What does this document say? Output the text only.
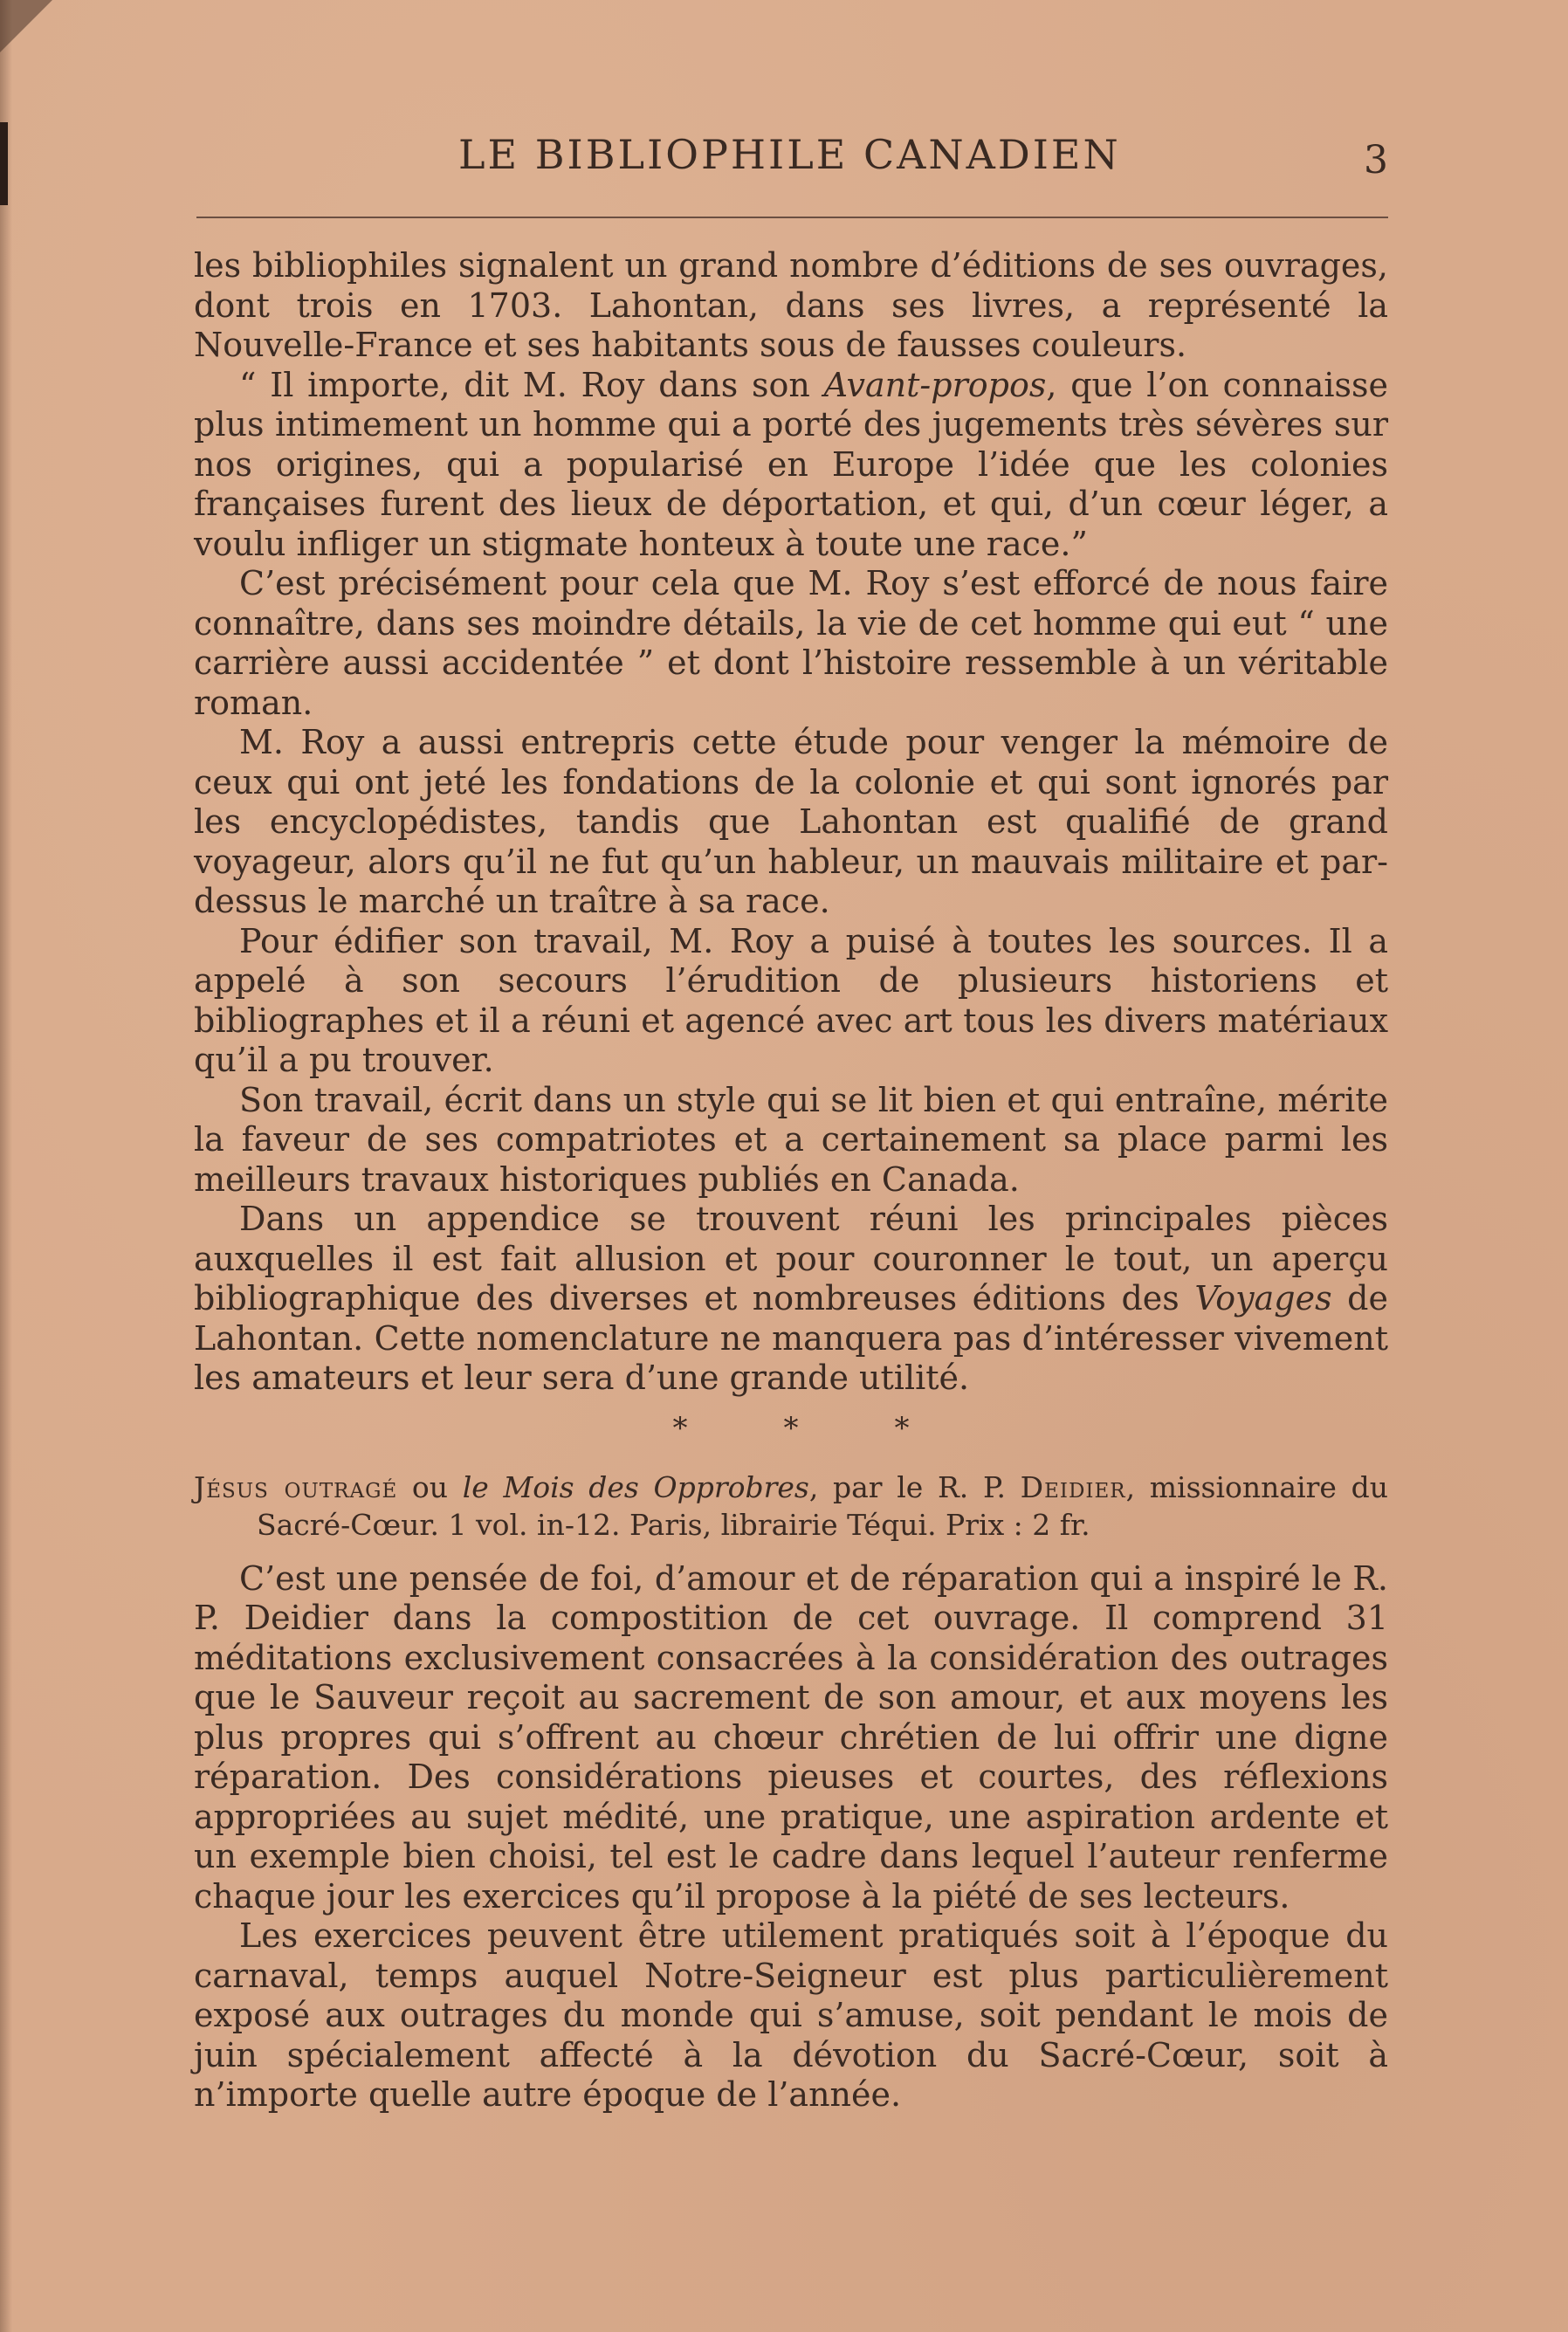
LE BIBLIOPHILE CANADIEN	3

les bibliophiles signalent un grand nombre d’éditions de ses ouvrages, dont trois en 1703. Lahontan, dans ses livres, a représenté la Nouvelle-France et ses habitants sous de fausses couleurs.

“ Il importe, dit M. Roy dans son Avant-propos, que l’on connaisse plus intimement un homme qui a porté des jugements très sévères sur nos origines, qui a popularisé en Europe l’idée que les colonies françaises furent des lieux de déportation, et qui, d’un cœur léger, a voulu infliger un stigmate honteux à toute une race.”

C’est précisément pour cela que M. Roy s’est efforcé de nous faire connaître, dans ses moindre détails, la vie de cet homme qui eut “ une carrière aussi accidentée ” et dont l’histoire ressemble à un véritable roman.

M. Roy a aussi entrepris cette étude pour venger la mémoire de ceux qui ont jeté les fondations de la colonie et qui sont ignorés par les encyclopédistes, tandis que Lahontan est qualifié de grand voyageur, alors qu’il ne fut qu’un hableur, un mauvais militaire et par-dessus le marché un traître à sa race.

Pour édifier son travail, M. Roy a puisé à toutes les sources. Il a appelé à son secours l’érudition de plusieurs historiens et bibliographes et il a réuni et agencé avec art tous les divers matériaux qu’il a pu trouver.

Son travail, écrit dans un style qui se lit bien et qui entraîne, mérite la faveur de ses compatriotes et a certainement sa place parmi les meilleurs travaux historiques publiés en Canada.

Dans un appendice se trouvent réuni les principales pièces auxquelles il est fait allusion et pour couronner le tout, un aperçu bibliographique des diverses et nombreuses éditions des Voyages de Lahontan. Cette nomenclature ne manquera pas d’intéresser vivement les amateurs et leur sera d’une grande utilité.

*	*	*
Jésus outragé ou le Mois des Opprobres, par le R. P. Deidier, missionnaire du Sacré-Cœur. 1 vol. in-12. Paris, librairie Téqui. Prix : 2 fr.

C’est une pensée de foi, d’amour et de réparation qui a inspiré le R. P. Deidier dans la compostition de cet ouvrage. Il comprend 31 méditations exclusivement consacrées à la considération des outrages que le Sauveur reçoit au sacrement de son amour, et aux moyens les plus propres qui s’offrent au chœur chrétien de lui offrir une digne réparation. Des considérations pieuses et courtes, des réflexions appropriées au sujet médité, une pratique, une aspiration ardente et un exemple bien choisi, tel est le cadre dans lequel l’auteur renferme chaque jour les exercices qu’il propose à la piété de ses lecteurs.

Les exercices peuvent être utilement pratiqués soit à l’époque du carnaval, temps auquel Notre-Seigneur est plus particulièrement exposé aux outrages du monde qui s’amuse, soit pendant le mois de juin spécialement affecté à la dévotion du Sacré-Cœur, soit à n’importe quelle autre époque de l’année.
